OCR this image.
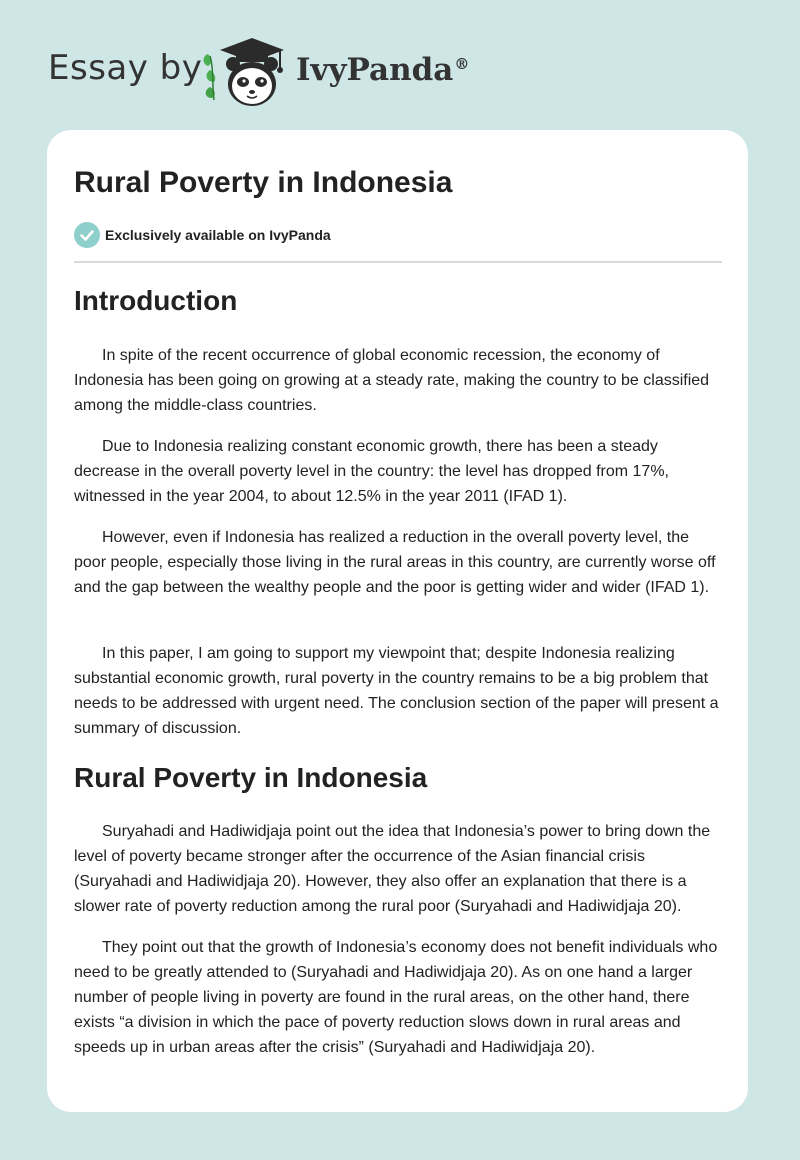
Essay by	IvyPanda®
Rural Poverty in Indonesia
Exclusively available on IvyPanda
Introduction

In spite of the recent occurrence of global economic recession, the economy of Indonesia has been going on growing at a steady rate, making the country to be classified among the middle-class countries.

Due to Indonesia realizing constant economic growth, there has been a steady decrease in the overall poverty level in the country: the level has dropped from 17%, witnessed in the year 2004, to about 12.5% in the year 2011 (IFAD 1).

However, even if Indonesia has realized a reduction in the overall poverty level, the poor people, especially those living in the rural areas in this country, are currently worse off and the gap between the wealthy people and the poor is getting wider and wider (IFAD 1).

In this paper, I am going to support my viewpoint that; despite Indonesia realizing substantial economic growth, rural poverty in the country remains to be a big problem that needs to be addressed with urgent need. The conclusion section of the paper will present a summary of discussion.

Rural Poverty in Indonesia

Suryahadi and Hadiwidjaja point out the idea that Indonesia’s power to bring down the level of poverty became stronger after the occurrence of the Asian financial crisis (Suryahadi and Hadiwidjaja 20). However, they also offer an explanation that there is a slower rate of poverty reduction among the rural poor (Suryahadi and Hadiwidjaja 20).

They point out that the growth of Indonesia’s economy does not benefit individuals who need to be greatly attended to (Suryahadi and Hadiwidjaja 20). As on one hand a larger number of people living in poverty are found in the rural areas, on the other hand, there exists “a division in which the pace of poverty reduction slows down in rural areas and speeds up in urban areas after the crisis” (Suryahadi and Hadiwidjaja 20).
